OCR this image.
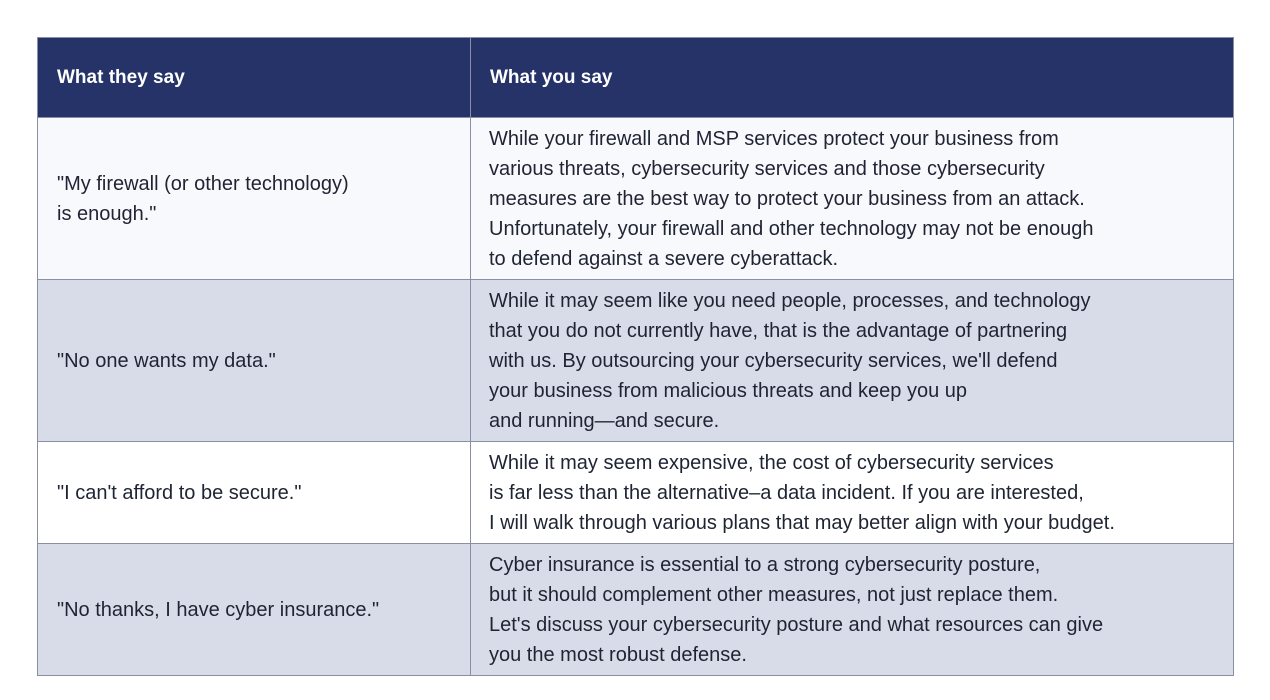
What they say	What you say

"My firewall (or other technology)
is enough."	While your firewall and MSP services protect your business from
various threats, cybersecurity services and those cybersecurity
measures are the best way to protect your business from an attack.
Unfortunately, your firewall and other technology may not be enough
to defend against a severe cyberattack.

"No one wants my data."	While it may seem like you need people, processes, and technology
that you do not currently have, that is the advantage of partnering
with us. By outsourcing your cybersecurity services, we'll defend
your business from malicious threats and keep you up
and running—and secure.

"I can't afford to be secure."	While it may seem expensive, the cost of cybersecurity services
is far less than the alternative–a data incident. If you are interested,
I will walk through various plans that may better align with your budget.

"No thanks, I have cyber insurance."	Cyber insurance is essential to a strong cybersecurity posture,
but it should complement other measures, not just replace them.
Let's discuss your cybersecurity posture and what resources can give
you the most robust defense.
